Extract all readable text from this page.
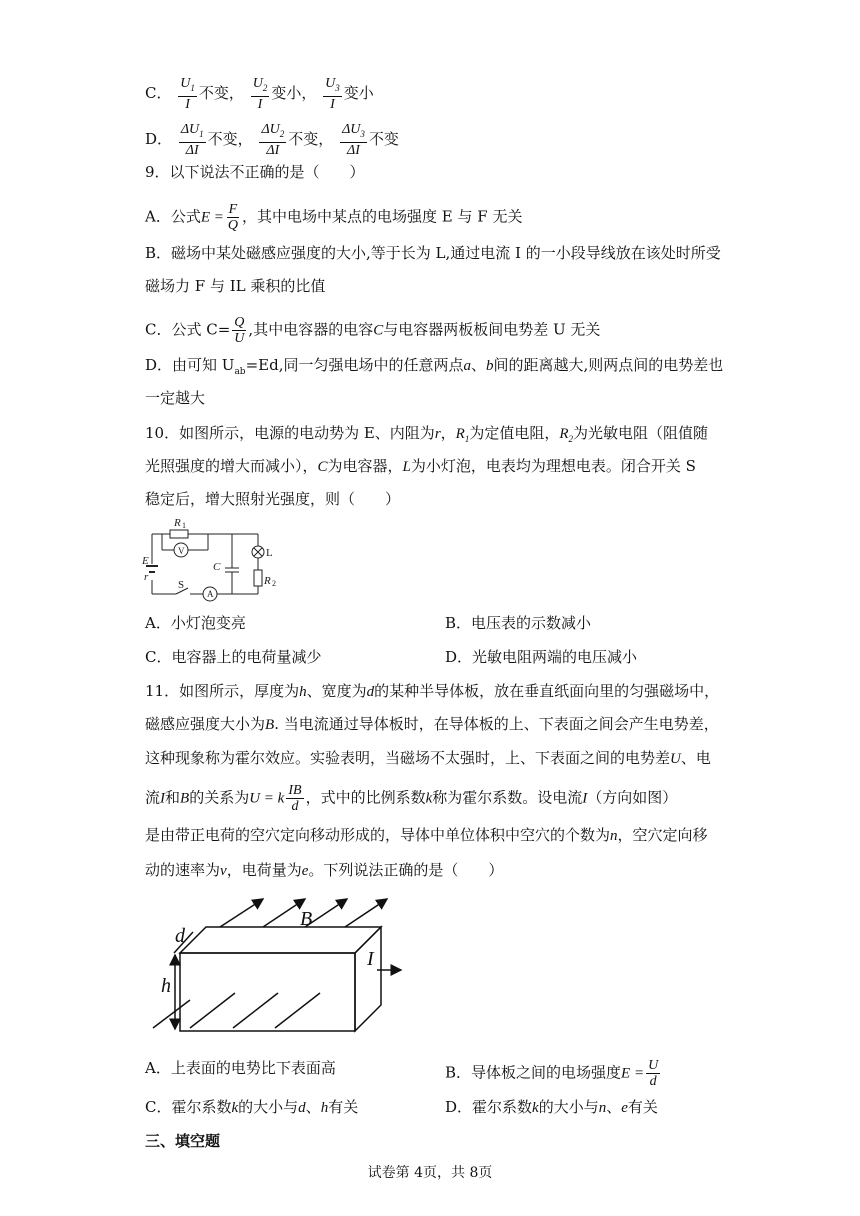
C． $\frac{U_1}{I}$ 不变， $\frac{U_2}{I}$ 变小， $\frac{U_3}{I}$ 变小
D． $\frac{\Delta U_1}{\Delta I}$ 不变， $\frac{\Delta U_2}{\Delta I}$ 不变， $\frac{\Delta U_3}{\Delta I}$ 不变
9．以下说法不正确的是（　　）
A．公式$E = \frac{F}{Q}$ ，其中电场中某点的电场强度 E 与 F 无关
B．磁场中某处磁感应强度的大小,等于长为 L,通过电流 I 的一小段导线放在该处时所受
磁场力 F 与 IL 乘积的比值
C．公式 $C= \frac{Q}{U}$ ,其中电容器的电容C与电容器两板板间电势差 U 无关
D．由可知 $U_{ab}=Ed$,同一匀强电场中的任意两点a、b间的距离越大,则两点间的电势差也
一定越大
10．如图所示，电源的电动势为 E、内阻为r，$R_1$为定值电阻，$R_2$为光敏电阻（阻值随
光照强度的增大而减小），C为电容器，L为小灯泡，电表均为理想电表。闭合开关 S
稳定后，增大照射光强度，则（　　）
R 1
V	L
E
r
C
R 2
S
A
A．小灯泡变亮	B．电压表的示数减小
C．电容器上的电荷量减少	D．光敏电阻两端的电压减小
11．如图所示，厚度为h、宽度为d的某种半导体板，放在垂直纸面向里的匀强磁场中，
磁感应强度大小为B. 当电流通过导体板时，在导体板的上、下表面之间会产生电势差，
这种现象称为霍尔效应。实验表明，当磁场不太强时，上、下表面之间的电势差U、电
流I和B的关系为U = k $\frac{IB}{d}$ ，式中的比例系数k称为霍尔系数。设电流I（方向如图）
是由带正电荷的空穴定向移动形成的，导体中单位体积中空穴的个数为n，空穴定向移
动的速率为v，电荷量为e。下列说法正确的是（　　）
B
d
h
I
A．上表面的电势比下表面高	B．导体板之间的电场强度$E = \frac{U}{d}$
C．霍尔系数k的大小与d、h有关	D．霍尔系数k的大小与n、e有关
三、填空题
试卷第 4页，共 8页
